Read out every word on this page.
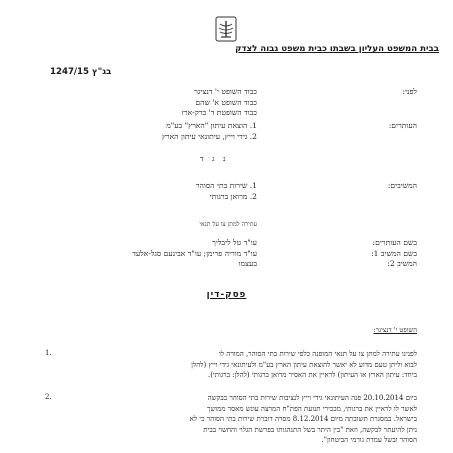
בבית המשפט העליון בשבתו כבית משפט גבוה לצדק
בג"ץ 1247/15
לפני:
כבוד השופט י' דנציגר
כבוד השופט א' שהם
כבוד השופטת ד' ברק-ארז
העותרים:
1. הוצאת עיתון "הארץ" בע"מ
2. גידי וייץ, עיתונאי עיתון הארץ
נ ג ד
המשיבים:
1. שירות בתי הסוהר
2. מרואן ברגותי
עתירה למתן צו על תנאי
בשם העותרים:
בשם המשיב 1:
המשיב 2:
עו"ד טל ליבליך
עו"ד מוריה פרימן; עו"ד אבינעם סגל-אלעד
בעצמו
פסק-דין
השופט י' דנציגר:
.1	לפנינו עתירה למתן צו על תנאי המופנה כלפי שירות בתי הסוהר, המורה לו
לבוא וליתן טעם מדוע לא יאשר להוצאת עיתון הארץ בע"מ ולעיתונאי גידי וייץ (להלן
ביחד: עיתון הארץ או העיתון) לראיין את האסיר מרואן ברגותי (להלן: ברגותי).
.2	ביום 20.10.2014 פנה העיתונאי גידי וייץ לנציבות שירות בתי הסוהר בבקשה
לאשר לו לראיין את ברגותי, מבכירי תנועת הפת"ח המרצה עונש מאסר ממושך
בישראל. במסגרת תשובתה מיום 8.12.2014 מסרה דוברת שירות בתי הסוהר כי לא
ניתן להיעתר לבקשה, וזאת "בין היתר בשל התנהגותו בפרשת הגלוי והחשוי בבית
הסוהר ובשל עמדת גורמי הביטחון".
